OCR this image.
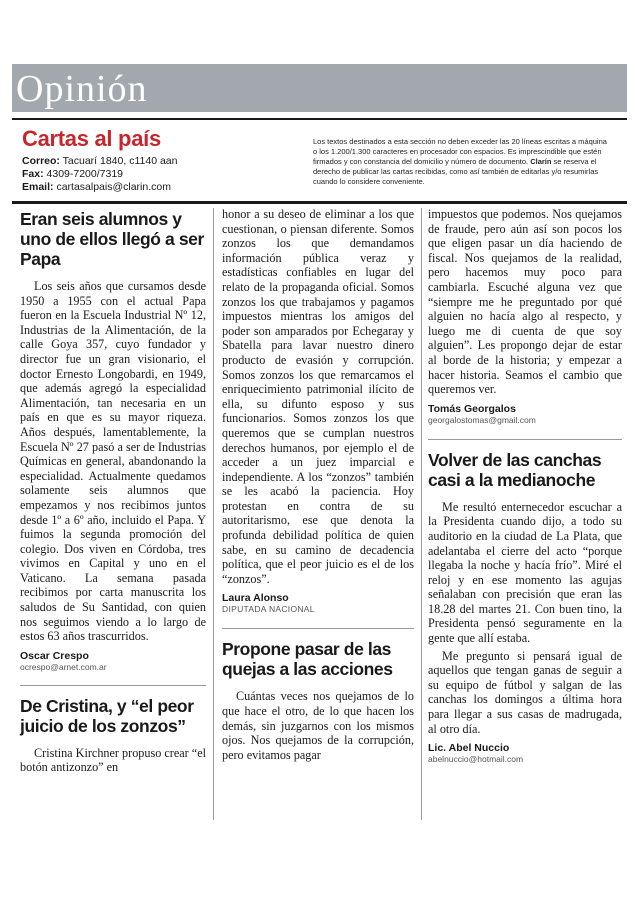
Opinión
Cartas al país
Correo: Tacuarí 1840, c1140 aan
Fax: 4309-7200/7319
Email: cartasalpais@clarin.com
Los textos destinados a esta sección no deben exceder las 20 líneas escritas a máquina o los 1.200/1.300 caracteres en procesador con espacios. Es imprescindible que estén firmados y con constancia del domicilio y número de documento. Clarín se reserva el derecho de publicar las cartas recibidas, como así también de editarlas y/o resumirlas cuando lo considere conveniente.
Eran seis alumnos y uno de ellos llegó a ser Papa

Los seis años que cursamos desde 1950 a 1955 con el actual Papa fueron en la Escuela Industrial Nº 12, Industrias de la Alimentación, de la calle Goya 357, cuyo fundador y director fue un gran visionario, el doctor Ernesto Longobardi, en 1949, que además agregó la especialidad Alimentación, tan necesaria en un país en que es su mayor riqueza. Años después, lamentablemente, la Escuela Nº 27 pasó a ser de Industrias Químicas en general, abandonando la especialidad. Actualmente quedamos solamente seis alumnos que empezamos y nos recibimos juntos desde 1º a 6º año, incluido el Papa. Y fuimos la segunda promoción del colegio. Dos viven en Córdoba, tres vivimos en Capital y uno en el Vaticano. La semana pasada recibimos por carta manuscrita los saludos de Su Santidad, con quien nos seguimos viendo a lo largo de estos 63 años trascurridos.

Oscar Crespo

ocrespo@arnet.com.ar

De Cristina, y “el peor juicio de los zonzos”

Cristina Kirchner propuso crear “el botón antizonzo” en

honor a su deseo de eliminar a los que cuestionan, o piensan diferente. Somos zonzos los que demandamos información pública veraz y estadísticas confiables en lugar del relato de la propaganda oficial. Somos zonzos los que trabajamos y pagamos impuestos mientras los amigos del poder son amparados por Echegaray y Sbatella para lavar nuestro dinero producto de evasión y corrupción. Somos zonzos los que remarcamos el enriquecimiento patrimonial ilícito de ella, su difunto esposo y sus funcionarios. Somos zonzos los que queremos que se cumplan nuestros derechos humanos, por ejemplo el de acceder a un juez imparcial e independiente. A los “zonzos” también se les acabó la paciencia. Hoy protestan en contra de su autoritarismo, ese que denota la profunda debilidad política de quien sabe, en su camino de decadencia política, que el peor juicio es el de los “zonzos”.

Laura Alonso

DIPUTADA NACIONAL

Propone pasar de las quejas a las acciones

Cuántas veces nos quejamos de lo que hace el otro, de lo que hacen los demás, sin juzgarnos con los mismos ojos. Nos quejamos de la corrupción, pero evitamos pagar

impuestos que podemos. Nos quejamos de fraude, pero aún así son pocos los que eligen pasar un día haciendo de fiscal. Nos quejamos de la realidad, pero hacemos muy poco para cambiarla. Escuché alguna vez que “siempre me he preguntado por qué alguien no hacía algo al respecto, y luego me di cuenta de que soy alguien”. Les propongo dejar de estar al borde de la historia; y empezar a hacer historia. Seamos el cambio que queremos ver.

Tomás Georgalos

georgalostomas@gmail.com

Volver de las canchas casi a la medianoche

Me resultó enternecedor escuchar a la Presidenta cuando dijo, a todo su auditorio en la ciudad de La Plata, que adelantaba el cierre del acto “porque llegaba la noche y hacía frío”. Miré el reloj y en ese momento las agujas señalaban con precisión que eran las 18.28 del martes 21. Con buen tino, la Presidenta pensó seguramente en la gente que allí estaba.

Me pregunto si pensará igual de aquellos que tengan ganas de seguir a su equipo de fútbol y salgan de las canchas los domingos a última hora para llegar a sus casas de madrugada, al otro día.

Lic. Abel Nuccio

abelnuccio@hotmail.com
